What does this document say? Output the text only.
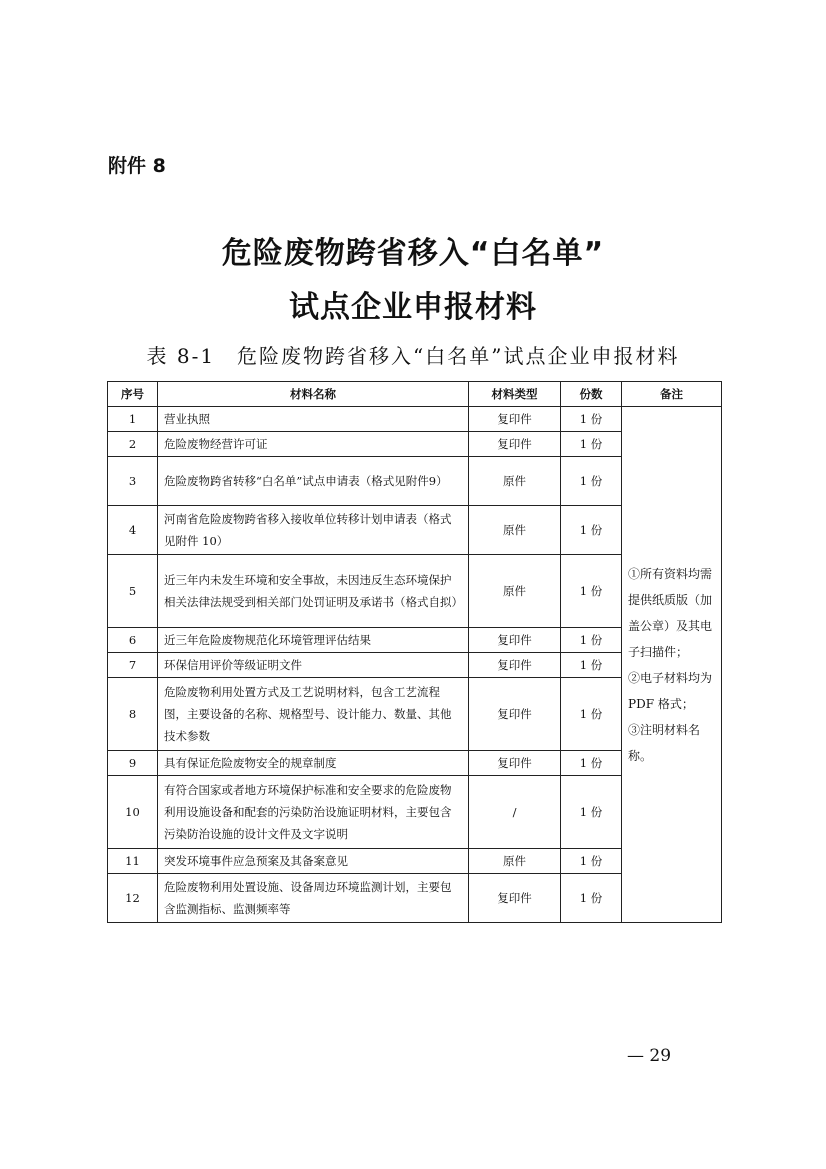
附件 8
危险废物跨省移入“白名单”
试点企业申报材料
表 8-1　危险废物跨省移入“白名单”试点企业申报材料
序号	材料名称	材料类型	份数	备注
1	营业执照	复印件	1 份	①所有资料均需提供纸质版（加盖公章）及其电子扫描件；
②电子材料均为PDF 格式；
③注明材料名称。

2	危险废物经营许可证	复印件	1 份	
3	危险废物跨省转移“白名单”试点申请表（格式见附件9）	原件	1 份	
4	河南省危险废物跨省移入接收单位转移计划申请表（格式见附件 10）	原件	1 份	
5	近三年内未发生环境和安全事故，未因违反生态环境保护相关法律法规受到相关部门处罚证明及承诺书（格式自拟）	原件	1 份	
6	近三年危险废物规范化环境管理评估结果	复印件	1 份	
7	环保信用评价等级证明文件	复印件	1 份	
8	危险废物利用处置方式及工艺说明材料，包含工艺流程图，主要设备的名称、规格型号、设计能力、数量、其他技术参数	复印件	1 份	
9	具有保证危险废物安全的规章制度	复印件	1 份	
10	有符合国家或者地方环境保护标准和安全要求的危险废物利用设施设备和配套的污染防治设施证明材料，主要包含污染防治设施的设计文件及文字说明	/	1 份	
11	突发环境事件应急预案及其备案意见	原件	1 份	
12	危险废物利用处置设施、设备周边环境监测计划，主要包含监测指标、监测频率等	复印件	1 份	
— 29
